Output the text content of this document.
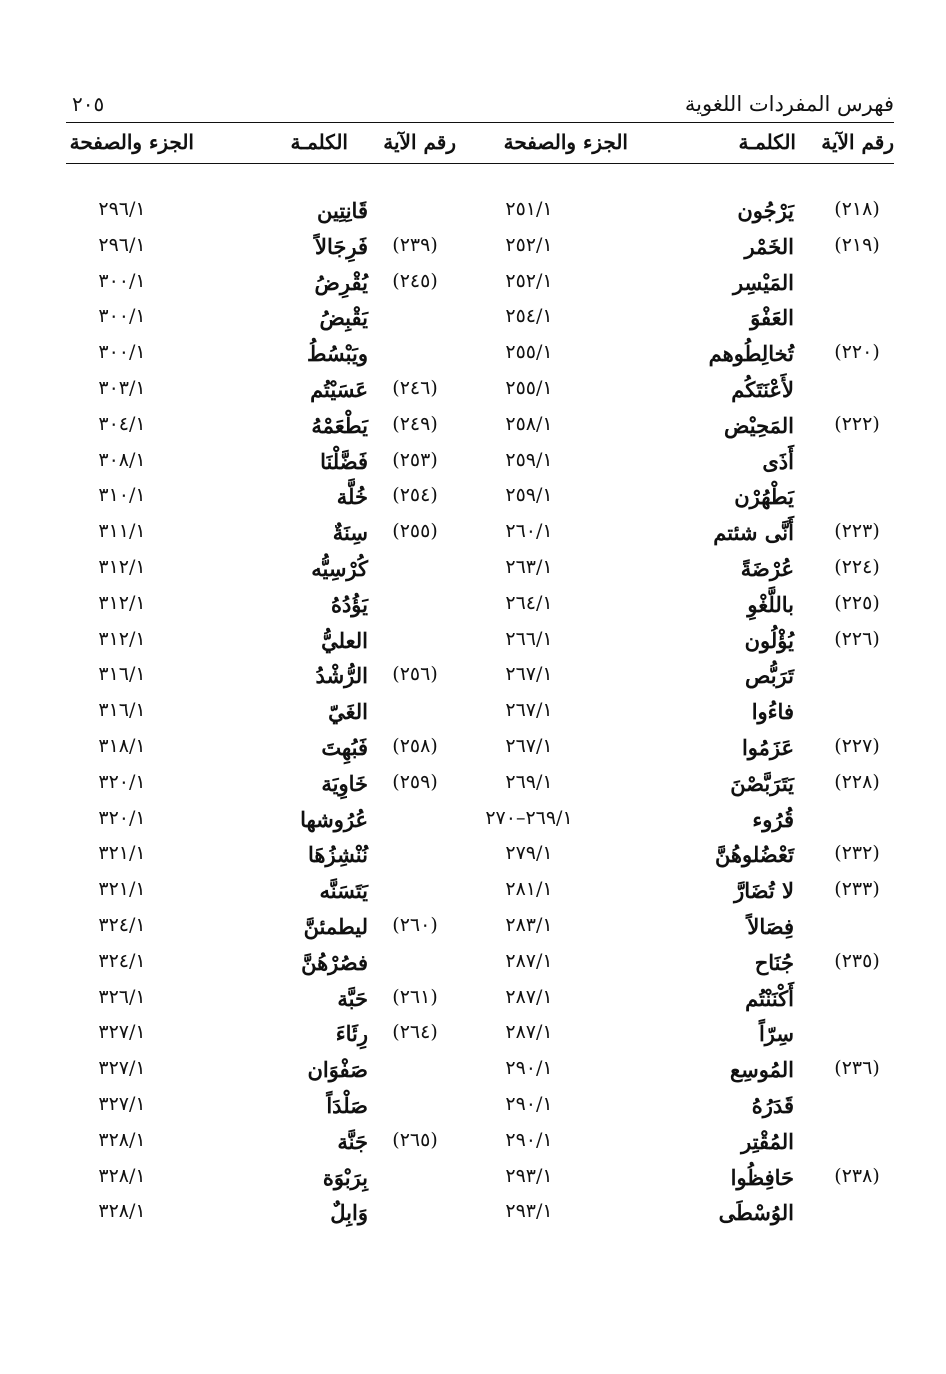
فهرس المفردات اللغوية
٢٠٥
رقم الآية
الكلمـة
الجزء والصفحة
رقم الآية
الكلمـة
الجزء والصفحة
(٢١٨)
يَرْجُون
٢٥١/١
قَانِتِين
٢٩٦/١
(٢١٩)
الخَمْر
٢٥٢/١
(٢٣٩)
فَرِجَالاً
٢٩٦/١
المَيْسِر
٢٥٢/١
(٢٤٥)
يُقْرِضُ
٣٠٠/١
العَفْوَ
٢٥٤/١
يَقْبِضُ
٣٠٠/١
(٢٢٠)
تُخالِطُوهم
٢٥٥/١
ويَبْسُطُ
٣٠٠/١
لأَعْنَتَكُم
٢٥٥/١
(٢٤٦)
عَسَيْتُم
٣٠٣/١
(٢٢٢)
المَحِيْض
٢٥٨/١
(٢٤٩)
يَطْعَمْهُ
٣٠٤/١
أَذَى
٢٥٩/١
(٢٥٣)
فَضَّلْنَا
٣٠٨/١
يَطْهُرْن
٢٥٩/١
(٢٥٤)
خُلَّة
٣١٠/١
(٢٢٣)
أَنَّى شئتم
٢٦٠/١
(٢٥٥)
سِنَةٌ
٣١١/١
(٢٢٤)
عُرْضَةً
٢٦٣/١
كُرْسِيُّه
٣١٢/١
(٢٢٥)
باللَّغْوِ
٢٦٤/١
يَؤُدُهُ
٣١٢/١
(٢٢٦)
يُؤْلُون
٢٦٦/١
العليُّ
٣١٢/١
تَرَبُّص
٢٦٧/١
(٢٥٦)
الرُّشْدُ
٣١٦/١
فاءُوا
٢٦٧/١
الغَيّ
٣١٦/١
(٢٢٧)
عَزَمُوا
٢٦٧/١
(٢٥٨)
فَبُهِتَ
٣١٨/١
(٢٢٨)
يَتَرَبَّصْنَ
٢٦٩/١
(٢٥٩)
خَاوِيَة
٣٢٠/١
قُرُوء
٢٦٩/١–٢٧٠
عُرُوشها
٣٢٠/١
(٢٣٢)
تَعْضُلوهُنَّ
٢٧٩/١
نُنْشِزُهَا
٣٢١/١
(٢٣٣)
لا تُضَارَّ
٢٨١/١
يَتَسَنَّه
٣٢١/١
فِصَالاً
٢٨٣/١
(٢٦٠)
ليطمئنَّ
٣٢٤/١
(٢٣٥)
جُنَاح
٢٨٧/١
فصُرْهُنَّ
٣٢٤/١
أَكْنَنْتُم
٢٨٧/١
(٢٦١)
حَبَّة
٣٢٦/١
سِرّاً
٢٨٧/١
(٢٦٤)
رِئَاءَ
٣٢٧/١
(٢٣٦)
المُوسِع
٢٩٠/١
صَفْوَان
٣٢٧/١
قَدَرُهُ
٢٩٠/١
صَلْدَاً
٣٢٧/١
المُقْتِر
٢٩٠/١
(٢٦٥)
جَنَّة
٣٢٨/١
(٢٣٨)
حَافِظُوا
٢٩٣/١
بِرَبْوَة
٣٢٨/١
الوُسْطَى
٢٩٣/١
وَابِلٌ
٣٢٨/١
